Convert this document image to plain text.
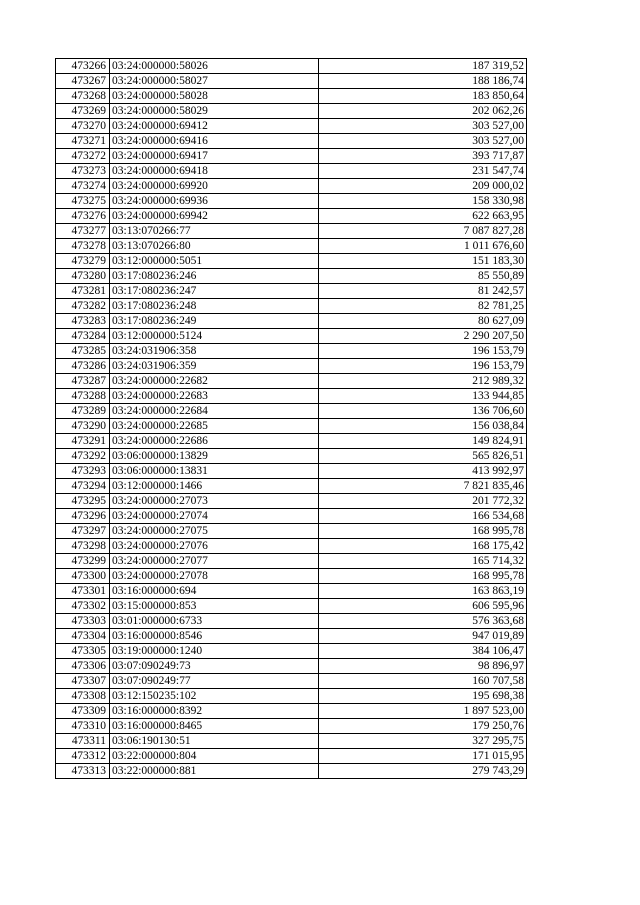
473266	03:24:000000:58026	187 319,52
473267	03:24:000000:58027	188 186,74
473268	03:24:000000:58028	183 850,64
473269	03:24:000000:58029	202 062,26
473270	03:24:000000:69412	303 527,00
473271	03:24:000000:69416	303 527,00
473272	03:24:000000:69417	393 717,87
473273	03:24:000000:69418	231 547,74
473274	03:24:000000:69920	209 000,02
473275	03:24:000000:69936	158 330,98
473276	03:24:000000:69942	622 663,95
473277	03:13:070266:77	7 087 827,28
473278	03:13:070266:80	1 011 676,60
473279	03:12:000000:5051	151 183,30
473280	03:17:080236:246	85 550,89
473281	03:17:080236:247	81 242,57
473282	03:17:080236:248	82 781,25
473283	03:17:080236:249	80 627,09
473284	03:12:000000:5124	2 290 207,50
473285	03:24:031906:358	196 153,79
473286	03:24:031906:359	196 153,79
473287	03:24:000000:22682	212 989,32
473288	03:24:000000:22683	133 944,85
473289	03:24:000000:22684	136 706,60
473290	03:24:000000:22685	156 038,84
473291	03:24:000000:22686	149 824,91
473292	03:06:000000:13829	565 826,51
473293	03:06:000000:13831	413 992,97
473294	03:12:000000:1466	7 821 835,46
473295	03:24:000000:27073	201 772,32
473296	03:24:000000:27074	166 534,68
473297	03:24:000000:27075	168 995,78
473298	03:24:000000:27076	168 175,42
473299	03:24:000000:27077	165 714,32
473300	03:24:000000:27078	168 995,78
473301	03:16:000000:694	163 863,19
473302	03:15:000000:853	606 595,96
473303	03:01:000000:6733	576 363,68
473304	03:16:000000:8546	947 019,89
473305	03:19:000000:1240	384 106,47
473306	03:07:090249:73	98 896,97
473307	03:07:090249:77	160 707,58
473308	03:12:150235:102	195 698,38
473309	03:16:000000:8392	1 897 523,00
473310	03:16:000000:8465	179 250,76
473311	03:06:190130:51	327 295,75
473312	03:22:000000:804	171 015,95
473313	03:22:000000:881	279 743,29
